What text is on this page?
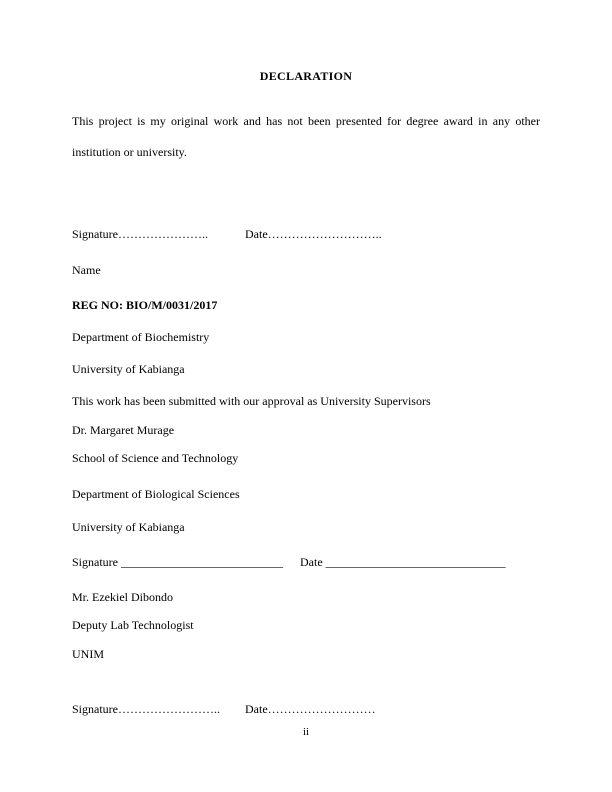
DECLARATION
This project is my original work and has not been presented for degree award in any other institution or university.
Signature…………………..	Date………………………..
Name
REG NO: BIO/M/0031/2017
Department of Biochemistry
University of Kabianga
This work has been submitted with our approval as University Supervisors
Dr. Margaret Murage
School of Science and Technology
Department of Biological Sciences
University of Kabianga
Signature ___________________________ Date ______________________________
Mr. Ezekiel Dibondo
Deputy Lab Technologist
UNIM
Signature…………………….. Date………………………
ii
